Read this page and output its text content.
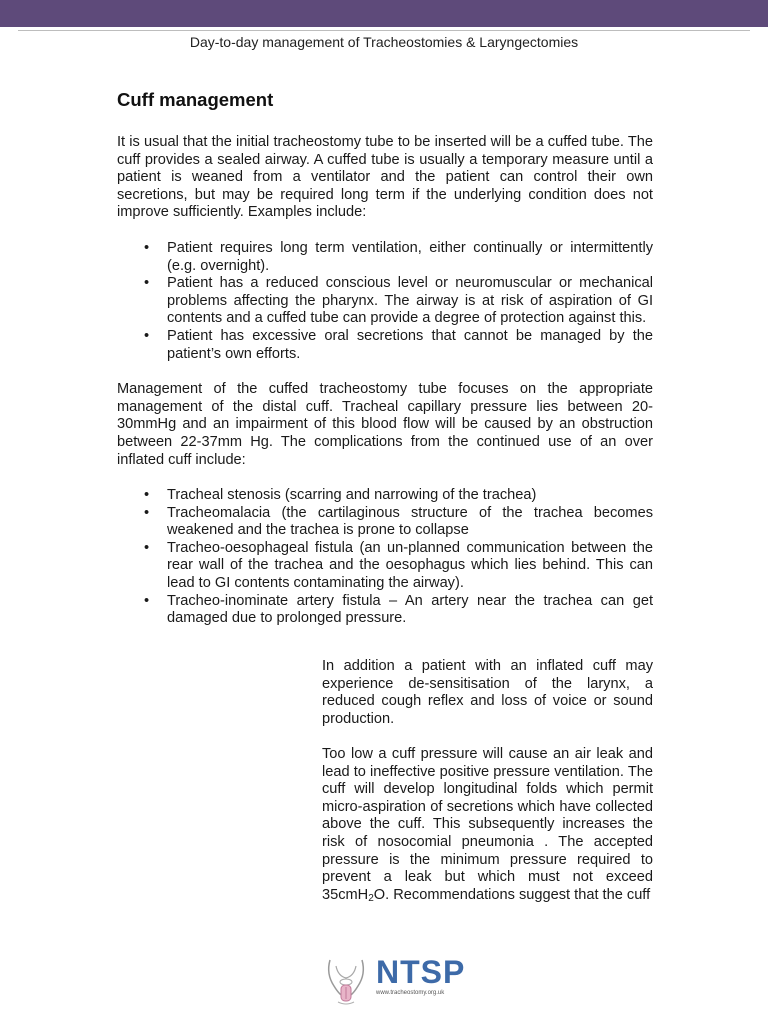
Day-to-day management of Tracheostomies & Laryngectomies
Cuff management

It is usual that the initial tracheostomy tube to be inserted will be a cuffed tube. The cuff provides a sealed airway. A cuffed tube is usually a temporary measure until a patient is weaned from a ventilator and the patient can control their own secretions, but may be required long term if the underlying condition does not improve sufficiently. Examples include:

• Patient requires long term ventilation, either continually or intermittently (e.g. overnight).
• Patient has a reduced conscious level or neuromuscular or mechanical problems affecting the pharynx. The airway is at risk of aspiration of GI contents and a cuffed tube can provide a degree of protection against this.
• Patient has excessive oral secretions that cannot be managed by the patient’s own efforts.

Management of the cuffed tracheostomy tube focuses on the appropriate management of the distal cuff. Tracheal capillary pressure lies between 20-30mmHg and an impairment of this blood flow will be caused by an obstruction between 22-37mm Hg. The complications from the continued use of an over inflated cuff include:

• Tracheal stenosis (scarring and narrowing of the trachea)
• Tracheomalacia (the cartilaginous structure of the trachea becomes weakened and the trachea is prone to collapse
• Tracheo-oesophageal fistula (an un-planned communication between the rear wall of the trachea and the oesophagus which lies behind. This can lead to GI contents contaminating the airway).
• Tracheo-inominate artery fistula – An artery near the trachea can get damaged due to prolonged pressure.

In addition a patient with an inflated cuff may experience de-sensitisation of the larynx, a reduced cough reflex and loss of voice or sound production.

Too low a cuff pressure will cause an air leak and lead to ineffective positive pressure ventilation. The cuff will develop longitudinal folds which permit micro-aspiration of secretions which have collected above the cuff. This subsequently increases the risk of nosocomial pneumonia . The accepted pressure is the minimum pressure required to prevent a leak but which must not exceed 35cmH$_2$O. Recommendations suggest that the cuff

NTSP
www.tracheostomy.org.uk
